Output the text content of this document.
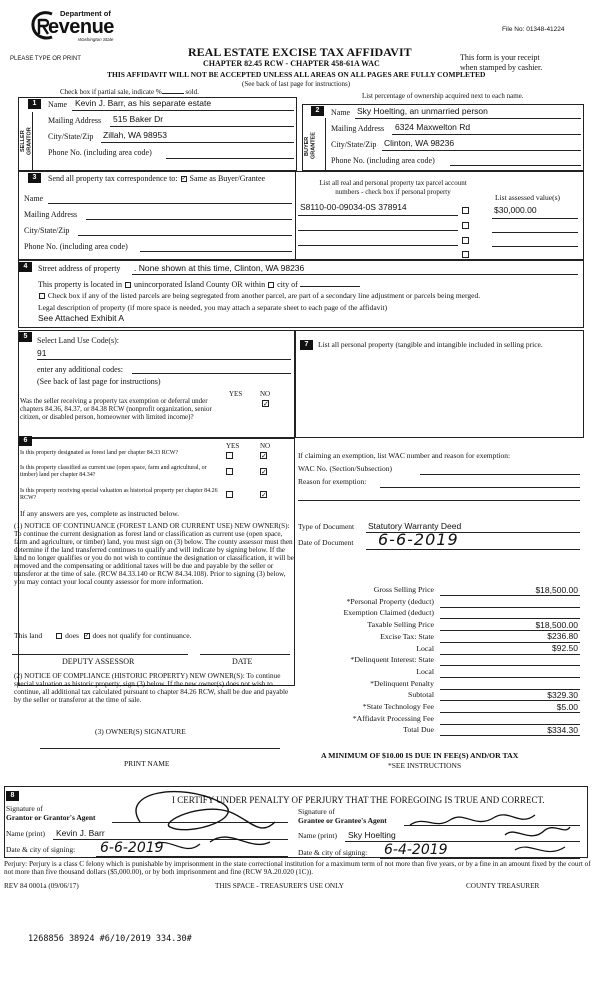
Department of
evenue
Washington State
PLEASE TYPE OR PRINT
File No: 01348-41224
REAL ESTATE EXCISE TAX AFFIDAVIT
CHAPTER 82.45 RCW - CHAPTER 458-61A WAC
This form is your receipt
when stamped by cashier.
THIS AFFIDAVIT WILL NOT BE ACCEPTED UNLESS ALL AREAS ON ALL PAGES ARE FULLY COMPLETED
(See back of last page for instructions)
Check box if partial sale, indicate %	sold.	List percentage of ownership acquired next to each name.
1
SELLER GRANTOR
Name Kevin J. Barr, as his separate estate
Mailing Address 515 Baker Dr
City/State/Zip Zillah, WA 98953
Phone No. (including area code)
2
BUYER GRANTEE
Name Sky Hoelting, an unmarried person
Mailing Address 6324 Maxwelton Rd
City/State/Zip Clinton, WA 98236
Phone No. (including area code)
3	Send all property tax correspondence to: ✓ Same as Buyer/Grantee
Name
Mailing Address
City/State/Zip
Phone No. (including area code)
List all real and personal property tax parcel account
numbers - check box if personal property
List assessed value(s)
S8110-00-09034-0S 378914	$30,000.00
4	Street address of property . None shown at this time, Clinton, WA 98236
This property is located in unincorporated Island County OR within city of
Check box if any of the listed parcels are being segregated from another parcel, are part of a secondary line adjustment or parcels being merged.
Legal description of property (if more space is needed, you may attach a separate sheet to each page of the affidavit)
See Attached Exhibit A
5	Select Land Use Code(s):
91
enter any additional codes:
(See back of last page for instructions)
YES	NO
Was the seller receiving a property tax exemption or deferral under chapters 84.36, 84.37, or 84.38 RCW (nonprofit organization, senior citizen, or disabled person, homeowner with limited income)?
✓
7	List all personal property (tangible and intangible included in selling price.
6
YES	NO
Is this property designated as forest land per chapter 84.33 RCW?	✓
Is this property classified as current use (open space, farm and agricultural, or timber) land per chapter 84.34?	✓
Is this property receiving special valuation as historical property per chapter 84.26 RCW?	✓
If any answers are yes, complete as instructed below.
(1) NOTICE OF CONTINUANCE (FOREST LAND OR CURRENT USE) NEW OWNER(S): To continue the current designation as forest land or classification as current use (open space, farm and agriculture, or timber) land, you must sign on (3) below. The county assessor must then determine if the land transferred continues to qualify and will indicate by signing below. If the land no longer qualifies or you do not wish to continue the designation or classification, it will be removed and the compensating or additional taxes will be due and payable by the seller or transferor at the time of sale. (RCW 84.33.140 or RCW 84.34.108). Prior to signing (3) below, you may contact your local county assessor for more information.
This land	does ✓ does not qualify for continuance.
DEPUTY ASSESSOR	DATE
(2) NOTICE OF COMPLIANCE (HISTORIC PROPERTY) NEW OWNER(S): To continue special valuation as historic property, sign (3) below. If the new owner(s) does not wish to continue, all additional tax calculated pursuant to chapter 84.26 RCW, shall be due and payable by the seller or transferor at the time of sale.
(3) OWNER(S) SIGNATURE
PRINT NAME
If claiming an exemption, list WAC number and reason for exemption:
WAC No. (Section/Subsection)
Reason for exemption:
Type of Document Statutory Warranty Deed
Date of Document 6-6-2019
Gross Selling Price	$18,500.00
*Personal Property (deduct)
Exemption Claimed (deduct)
Taxable Selling Price	$18,500.00
Excise Tax: State	$236.80
Local	$92.50
*Delinquent Interest: State
Local
*Delinquent Penalty
Subtotal	$329.30
*State Technology Fee	$5.00
*Affidavit Processing Fee
Total Due	$334.30
A MINIMUM OF $10.00 IS DUE IN FEE(S) AND/OR TAX
*SEE INSTRUCTIONS
8	I CERTIFY UNDER PENALTY OF PERJURY THAT THE FOREGOING IS TRUE AND CORRECT.
Signature of
Grantor or Grantor's Agent
Name (print) Kevin J. Barr
Date & city of signing: 6-6-2019
Signature of
Grantee or Grantee's Agent
Name (print) Sky Hoelting
Date & city of signing: 6-4-2019
Perjury: Perjury is a class C felony which is punishable by imprisonment in the state correctional institution for a maximum term of not more than five years, or by a fine in an amount fixed by the court of not more than five thousand dollars ($5,000.00), or by both imprisonment and fine (RCW 9A.20.020 (1C)).
REV 84 0001a (09/06/17)	THIS SPACE - TREASURER'S USE ONLY	COUNTY TREASURER
1268856 38924 #6/10/2019 334.30#
